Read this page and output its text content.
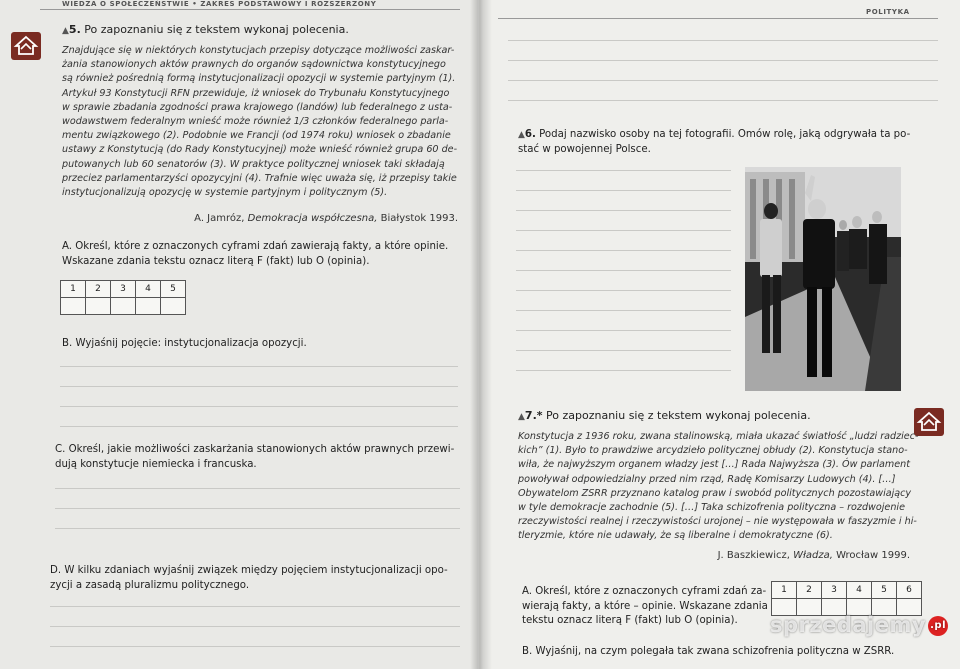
WIEDZA O SPOŁECZEŃSTWIE • ZAKRES PODSTAWOWY I ROZSZERZONY
▲5. Po zapoznaniu się z tekstem wykonaj polecenia.
Znajdujące się w niektórych konstytucjach przepisy dotyczące możliwości zaskar-
żania stanowionych aktów prawnych do organów sądownictwa konstytucyjnego
są również pośrednią formą instytucjonalizacji opozycji w systemie partyjnym (1).
Artykuł 93 Konstytucji RFN przewiduje, iż wniosek do Trybunału Konstytucyjnego
w sprawie zbadania zgodności prawa krajowego (landów) lub federalnego z usta-
wodawstwem federalnym wnieść może również 1/3 członków federalnego parla-
mentu związkowego (2). Podobnie we Francji (od 1974 roku) wniosek o zbadanie
ustawy z Konstytucją (do Rady Konstytucyjnej) może wnieść również grupa 60 de-
putowanych lub 60 senatorów (3). W praktyce politycznej wniosek taki składają
przeciez parlamentarzyści opozycyjni (4). Trafnie więc uważa się, iż przepisy takie
instytucjonalizują opozycję w systemie partyjnym i politycznym (5).
A. Jamróz, Demokracja współczesna, Białystok 1993.
A. Określ, które z oznaczonych cyframi zdań zawierają fakty, a które opinie.
Wskazane zdania tekstu oznacz literą F (fakt) lub O (opinia).
1	2	3	4	5

B. Wyjaśnij pojęcie: instytucjonalizacja opozycji.
C. Określ, jakie możliwości zaskarżania stanowionych aktów prawnych przewi-
dują konstytucje niemiecka i francuska.
D. W kilku zdaniach wyjaśnij związek między pojęciem instytucjonalizacji opo-
zycji a zasadą pluralizmu politycznego.
POLITYKA
▲6. Podaj nazwisko osoby na tej fotografii. Omów rolę, jaką odgrywała ta po-
stać w powojennej Polsce.
▲7.* Po zapoznaniu się z tekstem wykonaj polecenia.
Konstytucja z 1936 roku, zwana stalinowską, miała ukazać światłość „ludzi radziec-
kich” (1). Było to prawdziwe arcydzieło politycznej obłudy (2). Konstytucja stano-
wiła, że najwyższym organem władzy jest […] Rada Najwyższa (3). Ów parlament
powoływał odpowiedzialny przed nim rząd, Radę Komisarzy Ludowych (4). […]
Obywatelom ZSRR przyznano katalog praw i swobód politycznych pozostawiający
w tyle demokracje zachodnie (5). […] Taka schizofrenia polityczna – rozdwojenie
rzeczywistości realnej i rzeczywistości urojonej – nie występowała w faszyzmie i hi-
tleryzmie, które nie udawały, że są liberalne i demokratyczne (6).
J. Baszkiewicz, Władza, Wrocław 1999.
A. Określ, które z oznaczonych cyframi zdań za-
wierają fakty, a które – opinie. Wskazane zdania
tekstu oznacz literą F (fakt) lub O (opinia).
1	2	3	4	5	6

B. Wyjaśnij, na czym polegała tak zwana schizofrenia polityczna w ZSRR.
sprzedajemy .pl
